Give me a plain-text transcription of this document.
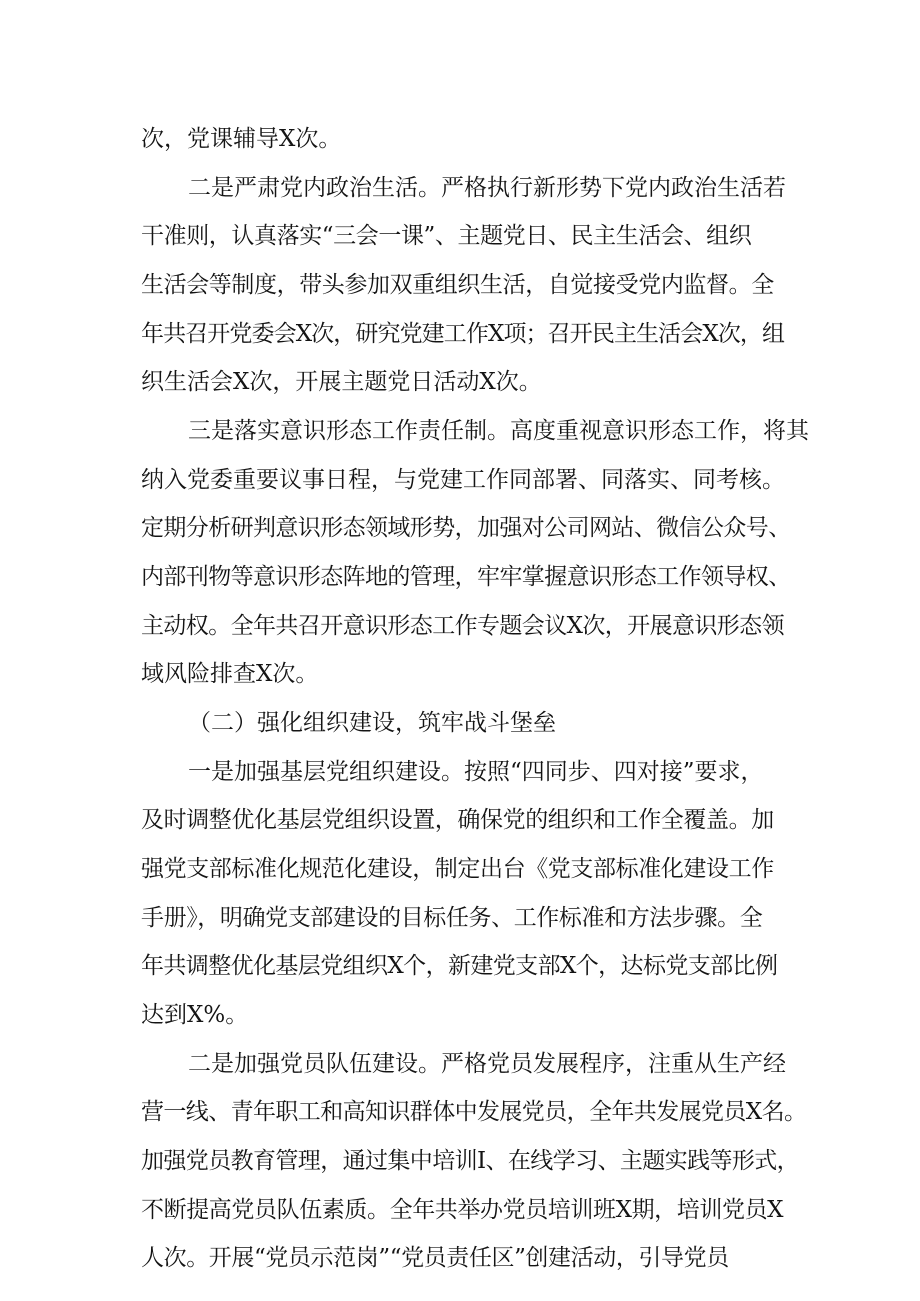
次，党课辅导X次。

二是严肃党内政治生活。严格执行新形势下党内政治生活若

干准则，认真落实“三会一课”、主题党日、民主生活会、组织

生活会等制度，带头参加双重组织生活，自觉接受党内监督。全

年共召开党委会X次，研究党建工作X项；召开民主生活会X次，组

织生活会X次，开展主题党日活动X次。

三是落实意识形态工作责任制。高度重视意识形态工作，将其

纳入党委重要议事日程，与党建工作同部署、同落实、同考核。

定期分析研判意识形态领域形势，加强对公司网站、微信公众号、

内部刊物等意识形态阵地的管理，牢牢掌握意识形态工作领导权、

主动权。全年共召开意识形态工作专题会议X次，开展意识形态领

域风险排查X次。

（二）强化组织建设，筑牢战斗堡垒

一是加强基层党组织建设。按照“四同步、四对接”要求，

及时调整优化基层党组织设置，确保党的组织和工作全覆盖。加

强党支部标准化规范化建设，制定出台《党支部标准化建设工作

手册》，明确党支部建设的目标任务、工作标准和方法步骤。全

年共调整优化基层党组织X个，新建党支部X个，达标党支部比例

达到X%。

二是加强党员队伍建设。严格党员发展程序，注重从生产经

营一线、青年职工和高知识群体中发展党员，全年共发展党员X名。

加强党员教育管理，通过集中培训I、在线学习、主题实践等形式，

不断提高党员队伍素质。全年共举办党员培训班X期，培训党员X

人次。开展“党员示范岗”“党员责任区”创建活动，引导党员
